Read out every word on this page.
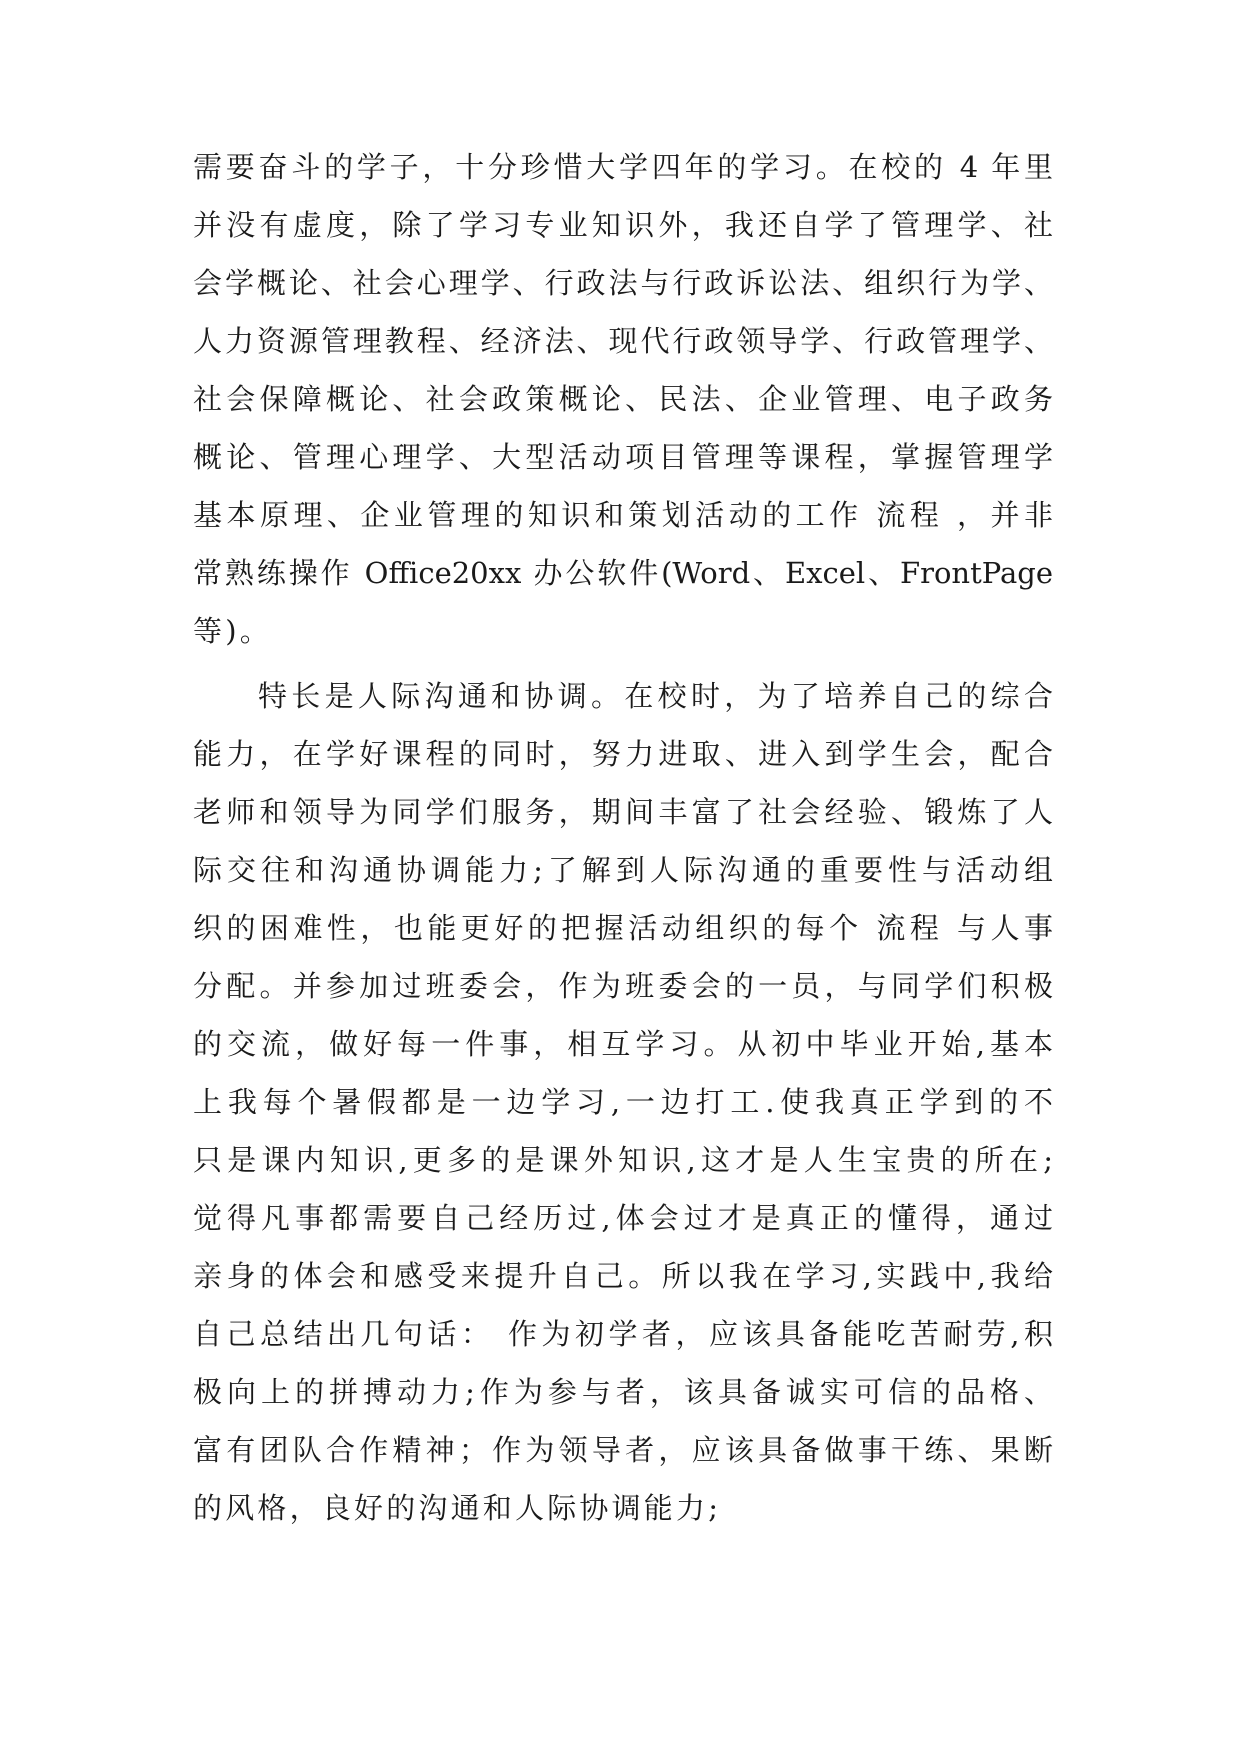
需要奋斗的学子，十分珍惜大学四年的学习。在校的 4 年里
并没有虚度，除了学习专业知识外，我还自学了管理学、社
会学概论、社会心理学、行政法与行政诉讼法、组织行为学、
人力资源管理教程、经济法、现代行政领导学、行政管理学、
社会保障概论、社会政策概论、民法、企业管理、电子政务
概论、管理心理学、大型活动项目管理等课程，掌握管理学
基本原理、企业管理的知识和策划活动的工作 流程 ，并非
常熟练操作 Office20xx 办公软件(Word、Excel、FrontPage
等)。
特长是人际沟通和协调。在校时，为了培养自己的综合
能力，在学好课程的同时，努力进取、进入到学生会，配合
老师和领导为同学们服务，期间丰富了社会经验、锻炼了人
际交往和沟通协调能力;了解到人际沟通的重要性与活动组
织的困难性，也能更好的把握活动组织的每个 流程 与人事
分配。并参加过班委会，作为班委会的一员，与同学们积极
的交流，做好每一件事，相互学习。从初中毕业开始,基本
上我每个暑假都是一边学习,一边打工.使我真正学到的不
只是课内知识,更多的是课外知识,这才是人生宝贵的所在;
觉得凡事都需要自己经历过,体会过才是真正的懂得，通过
亲身的体会和感受来提升自己。所以我在学习,实践中,我给
自己总结出几句话： 作为初学者，应该具备能吃苦耐劳,积
极向上的拼搏动力;作为参与者，该具备诚实可信的品格、
富有团队合作精神；作为领导者，应该具备做事干练、果断
的风格，良好的沟通和人际协调能力;
